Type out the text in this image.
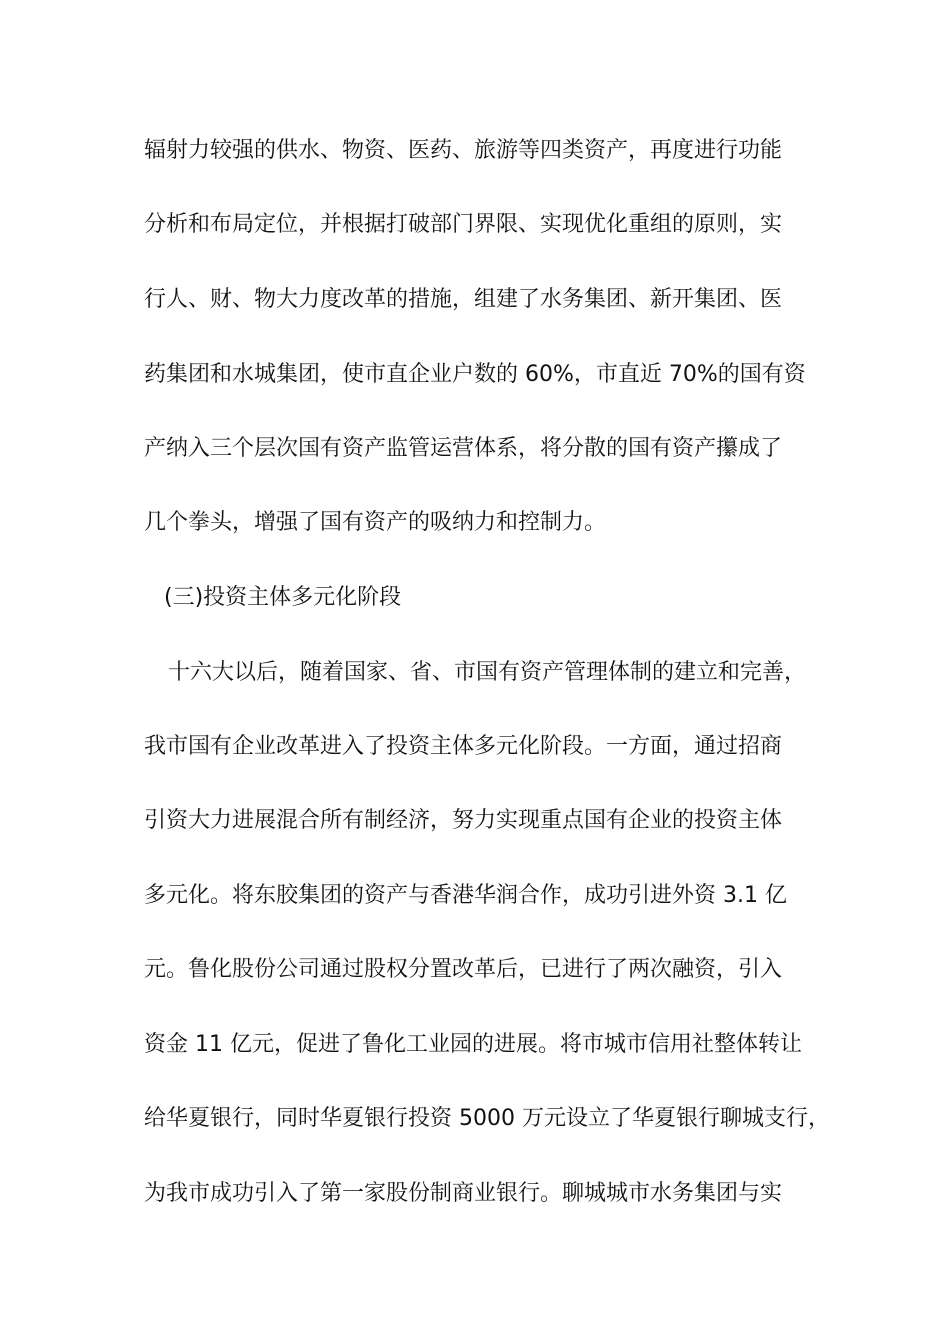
辐射力较强的供水、物资、医药、旅游等四类资产，再度进行功能
分析和布局定位，并根据打破部门界限、实现优化重组的原则，实
行人、财、物大力度改革的措施，组建了水务集团、新开集团、医
药集团和水城集团，使市直企业户数的 60%，市直近 70%的国有资
产纳入三个层次国有资产监管运营体系，将分散的国有资产攥成了
几个拳头，增强了国有资产的吸纳力和控制力。
(三)投资主体多元化阶段
十六大以后，随着国家、省、市国有资产管理体制的建立和完善，
我市国有企业改革进入了投资主体多元化阶段。一方面，通过招商
引资大力进展混合所有制经济，努力实现重点国有企业的投资主体
多元化。将东胶集团的资产与香港华润合作，成功引进外资 3.1 亿
元。鲁化股份公司通过股权分置改革后，已进行了两次融资，引入
资金 11 亿元，促进了鲁化工业园的进展。将市城市信用社整体转让
给华夏银行，同时华夏银行投资 5000 万元设立了华夏银行聊城支行，
为我市成功引入了第一家股份制商业银行。聊城城市水务集团与实
